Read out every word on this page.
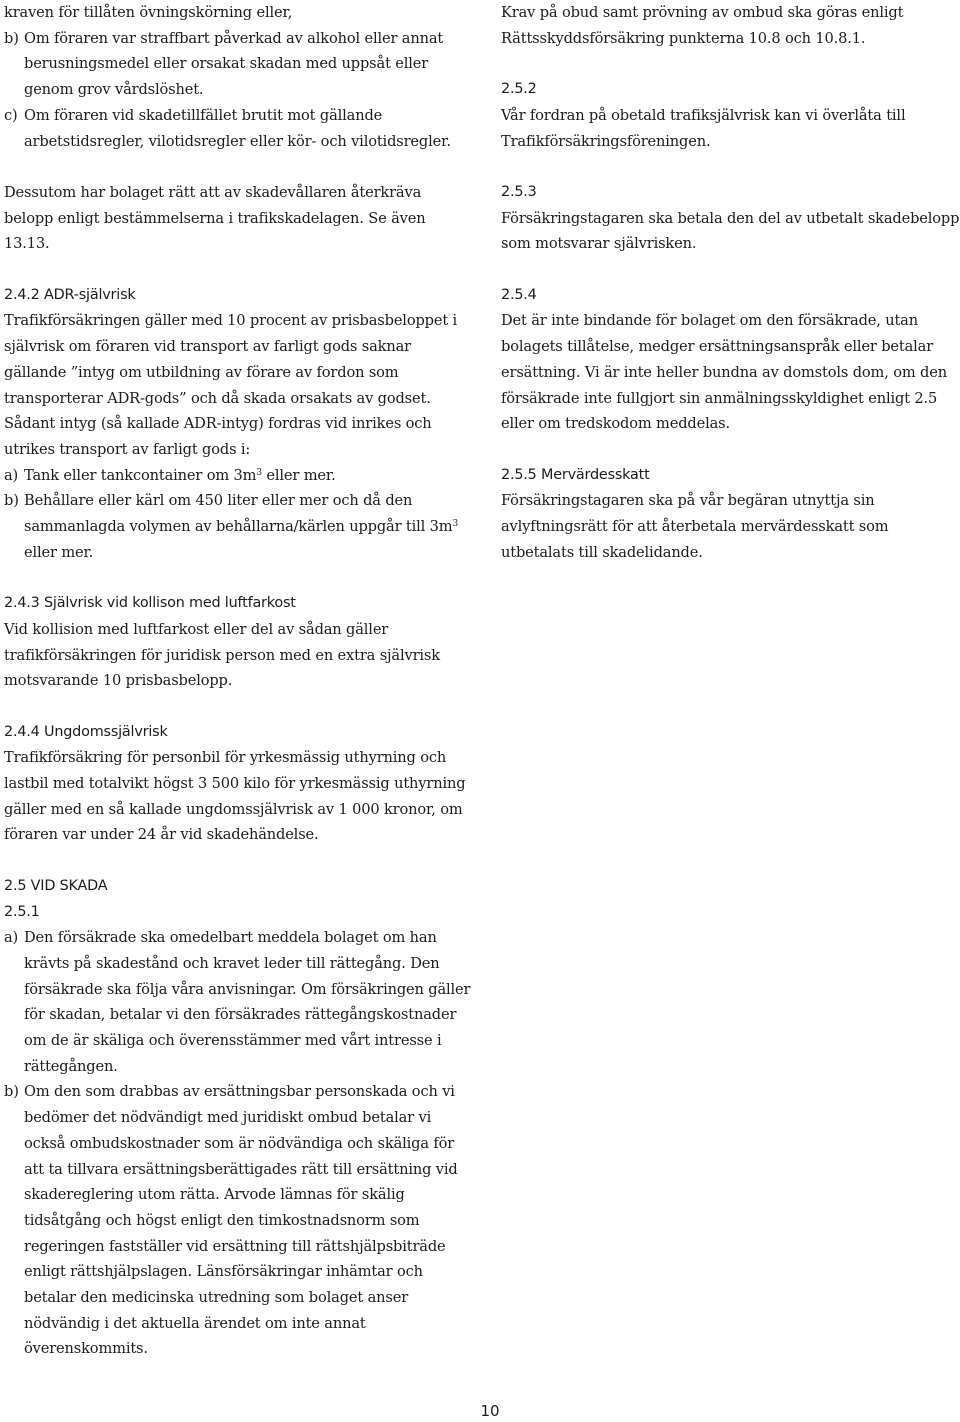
kraven för tillåten övningskörning eller,

b) Om föraren var straffbart påverkad av alkohol eller annat berusningsmedel eller orsakat skadan med uppsåt eller genom grov vårdslöshet.
c) Om föraren vid skadetillfället brutit mot gällande arbetstidsregler, vilotidsregler eller kör- och vilotidsregler.

Dessutom har bolaget rätt att av skadevållaren återkräva belopp enligt bestämmelserna i trafikskadelagen. Se även 13.13.

2.4.2 ADR-självrisk

Trafikförsäkringen gäller med 10 procent av prisbasbeloppet i självrisk om föraren vid transport av farligt gods saknar gällande ”intyg om utbildning av förare av fordon som transporterar ADR-gods” och då skada orsakats av godset.

Sådant intyg (så kallade ADR-intyg) fordras vid inrikes och utrikes transport av farligt gods i:

a) Tank eller tankcontainer om $3m^3$ eller mer.
b) Behållare eller kärl om 450 liter eller mer och då den sammanlagda volymen av behållarna/kärlen uppgår till $3m^3$ eller mer.

2.4.3 Självrisk vid kollison med luftfarkost

Vid kollision med luftfarkost eller del av sådan gäller trafikförsäkringen för juridisk person med en extra självrisk motsvarande 10 prisbasbelopp.

2.4.4 Ungdomssjälvrisk

Trafikförsäkring för personbil för yrkesmässig uthyrning och lastbil med totalvikt högst 3 500 kilo för yrkesmässig uthyrning gäller med en så kallade ungdomssjälvrisk av 1 000 kronor, om föraren var under 24 år vid skadehändelse.

2.5 VID SKADA

2.5.1

a) Den försäkrade ska omedelbart meddela bolaget om han krävts på skadestånd och kravet leder till rättegång. Den försäkrade ska följa våra anvisningar. Om försäkringen gäller för skadan, betalar vi den försäkrades rättegångskostnader om de är skäliga och överensstämmer med vårt intresse i rättegången.
b) Om den som drabbas av ersättningsbar personskada och vi bedömer det nödvändigt med juridiskt ombud betalar vi också ombudskostnader som är nödvändiga och skäliga för att ta tillvara ersättningsberättigades rätt till ersättning vid skadereglering utom rätta. Arvode lämnas för skälig tidsåtgång och högst enligt den timkostnadsnorm som regeringen fastställer vid ersättning till rättshjälpsbiträde enligt rättshjälpslagen. Länsförsäkringar inhämtar och betalar den medicinska utredning som bolaget anser nödvändig i det aktuella ärendet om inte annat överenskommits.

Krav på obud samt prövning av ombud ska göras enligt Rättsskyddsförsäkring punkterna 10.8 och 10.8.1.

2.5.2

Vår fordran på obetald trafiksjälvrisk kan vi överlåta till Trafikförsäkringsföreningen.

2.5.3

Försäkringstagaren ska betala den del av utbetalt skadebelopp som motsvarar självrisken.

2.5.4

Det är inte bindande för bolaget om den försäkrade, utan bolagets tillåtelse, medger ersättningsanspråk eller betalar ersättning. Vi är inte heller bundna av domstols dom, om den försäkrade inte fullgjort sin anmälningsskyldighet enligt 2.5 eller om tredskodom meddelas.

2.5.5 Mervärdesskatt

Försäkringstagaren ska på vår begäran utnyttja sin avlyftningsrätt för att återbetala mervärdesskatt som utbetalats till skadelidande.

10
